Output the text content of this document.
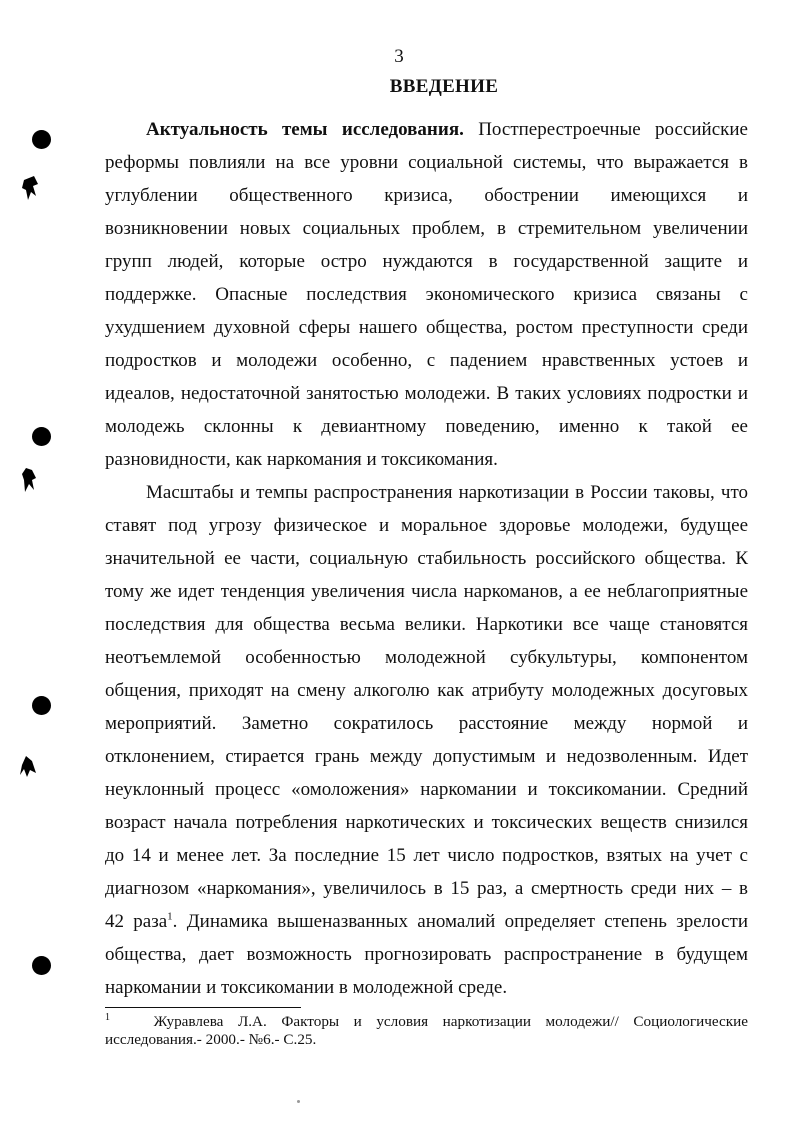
3
ВВЕДЕНИЕ
Актуальность темы исследования. Постперестроечные российские
реформы повлияли на все уровни социальной системы, что выражается в
углублении общественного кризиса, обострении имеющихся и
возникновении новых социальных проблем, в стремительном увеличении
групп людей, которые остро нуждаются в государственной защите и
поддержке. Опасные последствия экономического кризиса связаны с
ухудшением духовной сферы нашего общества, ростом преступности среди
подростков и молодежи особенно, с падением нравственных устоев и
идеалов, недостаточной занятостью молодежи. В таких условиях подростки и
молодежь склонны к девиантному поведению, именно к такой ее
разновидности, как наркомания и токсикомания.
Масштабы и темпы распространения наркотизации в России таковы, что
ставят под угрозу физическое и моральное здоровье молодежи, будущее
значительной ее части, социальную стабильность российского общества. К
тому же идет тенденция увеличения числа наркоманов, а ее неблагоприятные
последствия для общества весьма велики. Наркотики все чаще становятся
неотъемлемой особенностью молодежной субкультуры, компонентом
общения, приходят на смену алкоголю как атрибуту молодежных досуговых
мероприятий. Заметно сократилось расстояние между нормой и
отклонением, стирается грань между допустимым и недозволенным. Идет
неуклонный процесс «омоложения» наркомании и токсикомании. Средний
возраст начала потребления наркотических и токсических веществ снизился
до 14 и менее лет. За последние 15 лет число подростков, взятых на учет с
диагнозом «наркомания», увеличилось в 15 раз, а смертность среди них – в
42 раза$^1$. Динамика вышеназванных аномалий определяет степень зрелости
общества, дает возможность прогнозировать распространение в будущем
наркомании и токсикомании в молодежной среде.
$^1$	Журавлева Л.А. Факторы и условия наркотизации молодежи// Социологические
исследования.- 2000.- №6.- С.25.
